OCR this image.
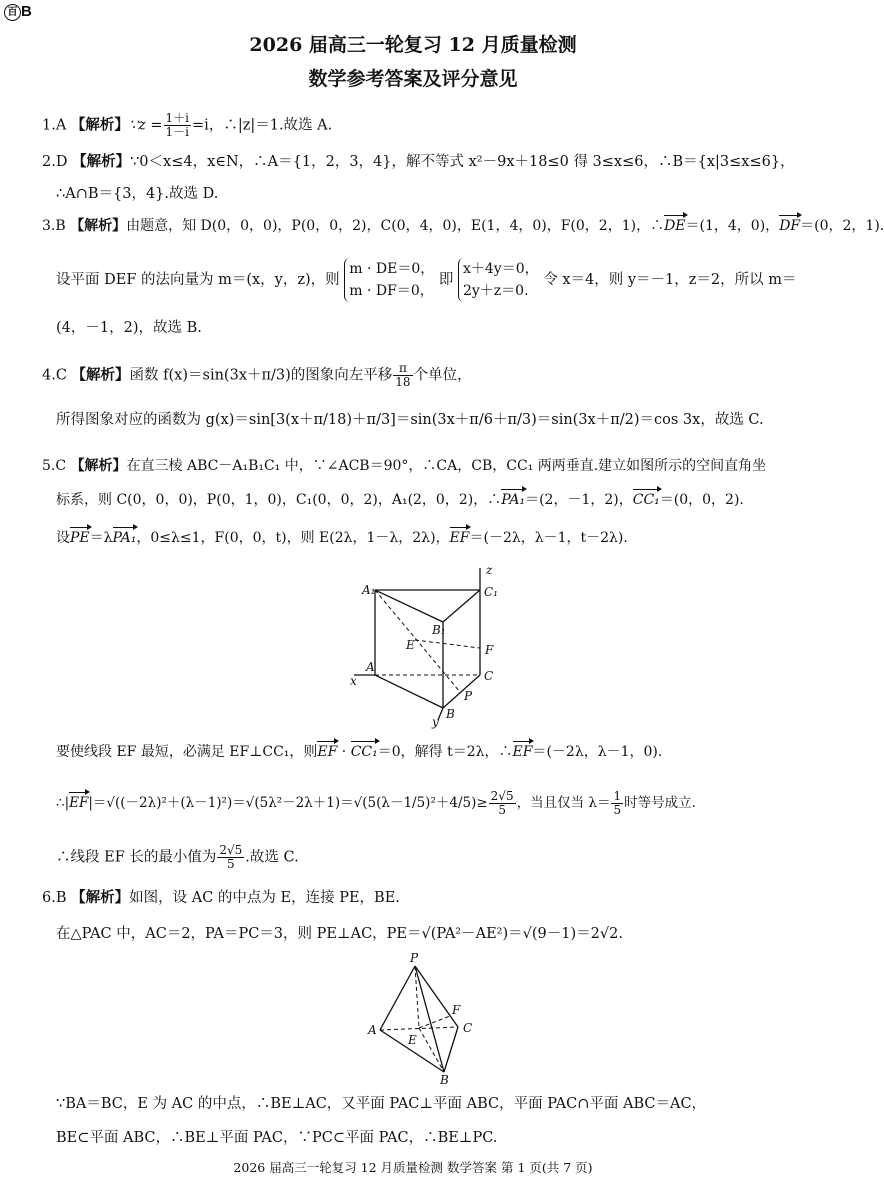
百 B
2026 届高三一轮复习 12 月质量检测
数学参考答案及评分意见
1.A 【解析】∵z = $\frac{1+i}{1-i} =i$，∴|z|＝1.故选 A.
2.D 【解析】∵0＜x≤4，x∈N，∴A＝{1，2，3，4}，解不等式 x²－9x＋18≤0 得 3≤x≤6，∴B＝{x|3≤x≤6}，
∴A∩B＝{3，4}.故选 D.
3.B 【解析】由题意，知 D(0，0，0)，P(0，0，2)，C(0，4，0)，E(1，4，0)，F(0，2，1)，∴DE＝(1，4，0)，DF＝(0，2，1).
设平面 DEF 的法向量为 m＝(x，y，z)，则 m · DE＝0，
m · DF＝0， 即 x＋4y＝0，
2y＋z＝0. 令 x＝4，则 y＝－1，z＝2，所以 m＝
(4，－1，2)，故选 B.
4.C 【解析】函数 f(x)＝sin(3x＋π/3)的图象向左平移 $\frac{\pi}{18}$ 个单位，
所得图象对应的函数为 g(x)＝sin[3(x＋π/18)＋π/3]＝sin(3x＋π/6＋π/3)＝sin(3x＋π/2)＝cos 3x，故选 C.
5.C 【解析】在直三棱 ABC－A₁B₁C₁ 中，∵∠ACB＝90°，∴CA，CB，CC₁ 两两垂直.建立如图所示的空间直角坐
标系，则 C(0，0，0)，P(0，1，0)，C₁(0，0，2)，A₁(2，0，2)，∴PA₁＝(2，－1，2)，CC₁＝(0，0，2).
设PE＝λPA₁，0≤λ≤1，F(0，0，t)，则 E(2λ，1－λ，2λ)，EF＝(－2λ，λ－1，t－2λ).
z
A₁	C₁
B₁
E	F
A
C
x
P
B
y
要使线段 EF 最短，必满足 EF⊥CC₁，则EF · CC₁＝0，解得 t＝2λ，∴EF＝(－2λ，λ－1，0).
∴|EF|＝√((－2λ)²＋(λ－1)²)＝√(5λ²－2λ＋1)＝√(5(λ－1/5)²＋4/5)≥ $\frac{2√5}{5}$ ，当且仅当 $\lambda= \frac{1}{5}$ 时等号成立.
∴线段 EF 长的最小值为 $\frac{2√5}{5}$ .故选 C.
6.B 【解析】如图，设 AC 的中点为 E，连接 PE，BE.
在△PAC 中，AC＝2，PA＝PC＝3，则 PE⊥AC，PE＝√(PA²－AE²)＝√(9－1)＝2√2.
P
F
A	C
E
B
∵BA＝BC，E 为 AC 的中点，∴BE⊥AC，又平面 PAC⊥平面 ABC，平面 PAC∩平面 ABC＝AC，
BE⊂平面 ABC，∴BE⊥平面 PAC，∵PC⊂平面 PAC，∴BE⊥PC.
2026 届高三一轮复习 12 月质量检测 数学答案 第 1 页(共 7 页)
